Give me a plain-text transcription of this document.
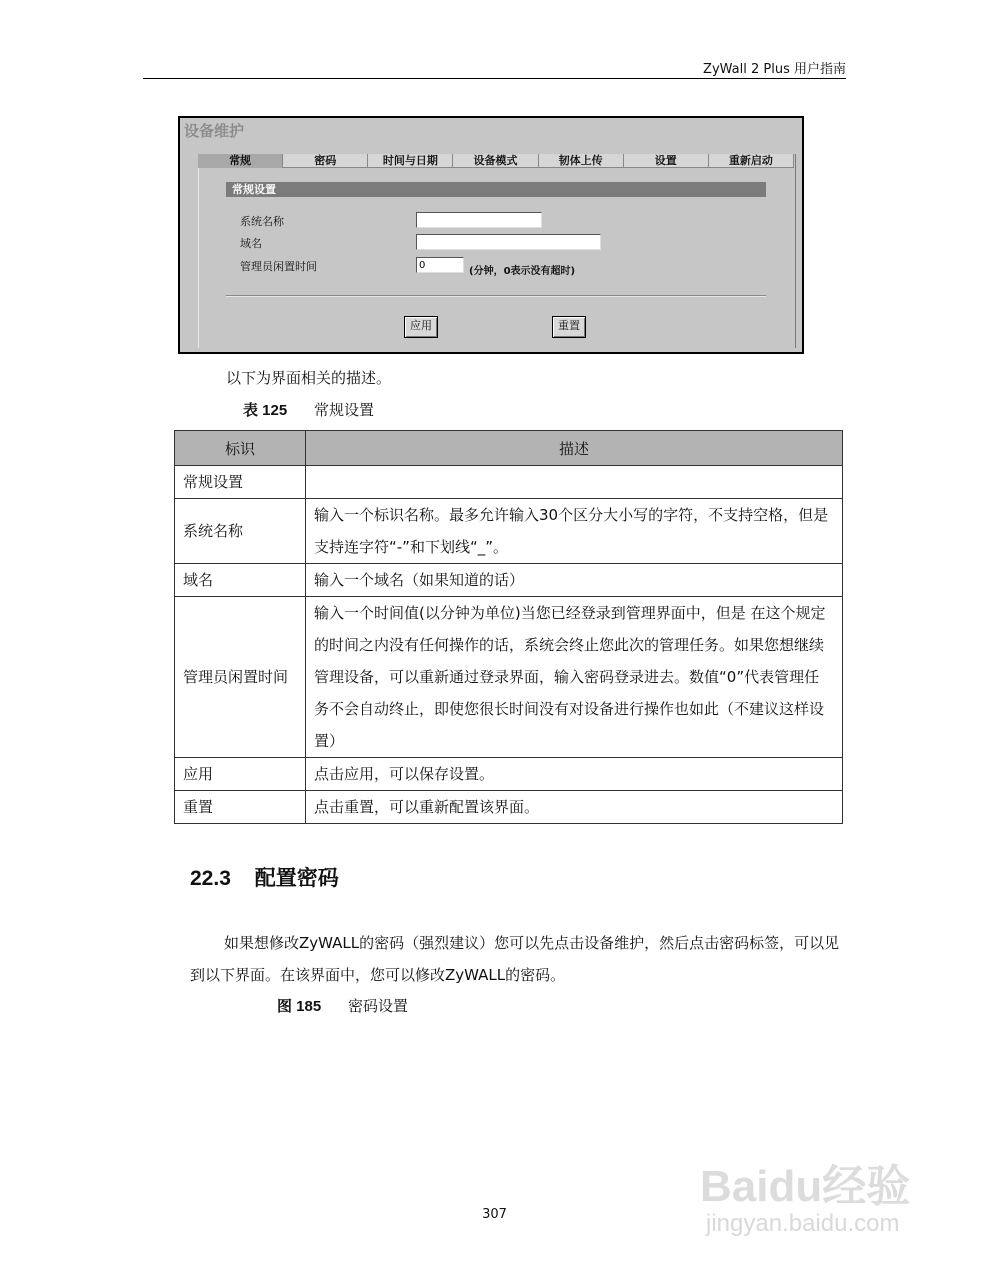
ZyWall 2 Plus 用户指南
设备维护
常规	密码	时间与日期	设备模式	韧体上传	设置	重新启动
常规设置
系统名称
域名
管理员闲置时间
0	(分钟，0表示没有超时)
应用	重置
以下为界面相关的描述。
表 125 常规设置
标识	描述
常规设置	
系统名称	输入一个标识名称。最多允许输入30个区分大小写的字符，不支持空格，但是支持连字符“-”和下划线“_”。
域名	输入一个域名（如果知道的话）
管理员闲置时间	输入一个时间值(以分钟为单位)当您已经登录到管理界面中，但是 在这个规定的时间之内没有任何操作的话，系统会终止您此次的管理任务。如果您想继续管理设备，可以重新通过登录界面，输入密码登录进去。数值“0”代表管理任务不会自动终止，即使您很长时间没有对设备进行操作也如此（不建议这样设置）
应用	点击应用，可以保存设置。
重置	点击重置，可以重新配置该界面。
22.3 配置密码
如果想修改ZyWALL的密码（强烈建议）您可以先点击设备维护，然后点击密码标签，可以见到以下界面。在该界面中，您可以修改ZyWALL的密码。
图 185 密码设置
Baidu经验
jingyan.baidu.com
307
